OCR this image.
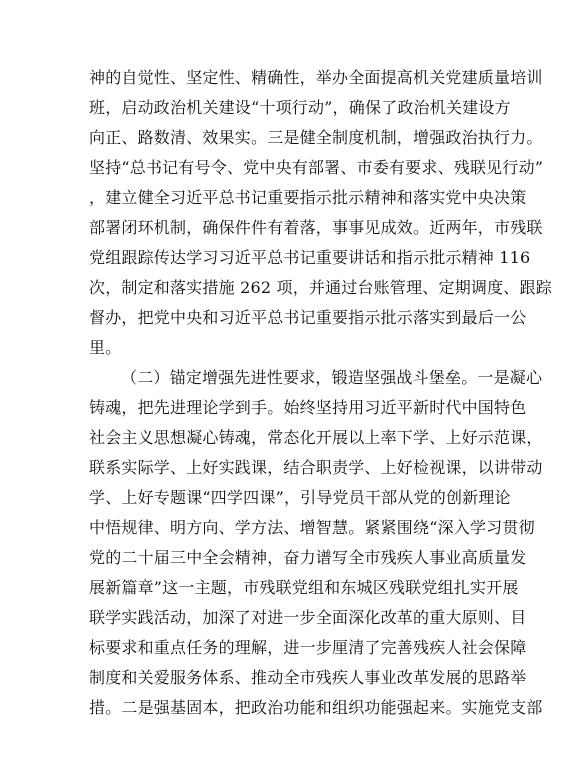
神的自觉性、坚定性、精确性，举办全面提高机关党建质量培训
班，启动政治机关建设“十项行动”，确保了政治机关建设方
向正、路数清、效果实。三是健全制度机制，增强政治执行力。
坚持“总书记有号令、党中央有部署、市委有要求、残联见行动”
，建立健全习近平总书记重要指示批示精神和落实党中央决策
部署闭环机制，确保件件有着落，事事见成效。近两年，市残联
党组跟踪传达学习习近平总书记重要讲话和指示批示精神 116
次，制定和落实措施 262 项，并通过台账管理、定期调度、跟踪
督办，把党中央和习近平总书记重要指示批示落实到最后一公
里。
（二）锚定增强先进性要求，锻造坚强战斗堡垒。一是凝心
铸魂，把先进理论学到手。始终坚持用习近平新时代中国特色
社会主义思想凝心铸魂，常态化开展以上率下学、上好示范课，
联系实际学、上好实践课，结合职责学、上好检视课，以讲带动
学、上好专题课“四学四课”，引导党员干部从党的创新理论
中悟规律、明方向、学方法、增智慧。紧紧围绕“深入学习贯彻
党的二十届三中全会精神，奋力谱写全市残疾人事业高质量发
展新篇章”这一主题，市残联党组和东城区残联党组扎实开展
联学实践活动，加深了对进一步全面深化改革的重大原则、目
标要求和重点任务的理解，进一步厘清了完善残疾人社会保障
制度和关爱服务体系、推动全市残疾人事业改革发展的思路举
措。二是强基固本，把政治功能和组织功能强起来。实施党支部
